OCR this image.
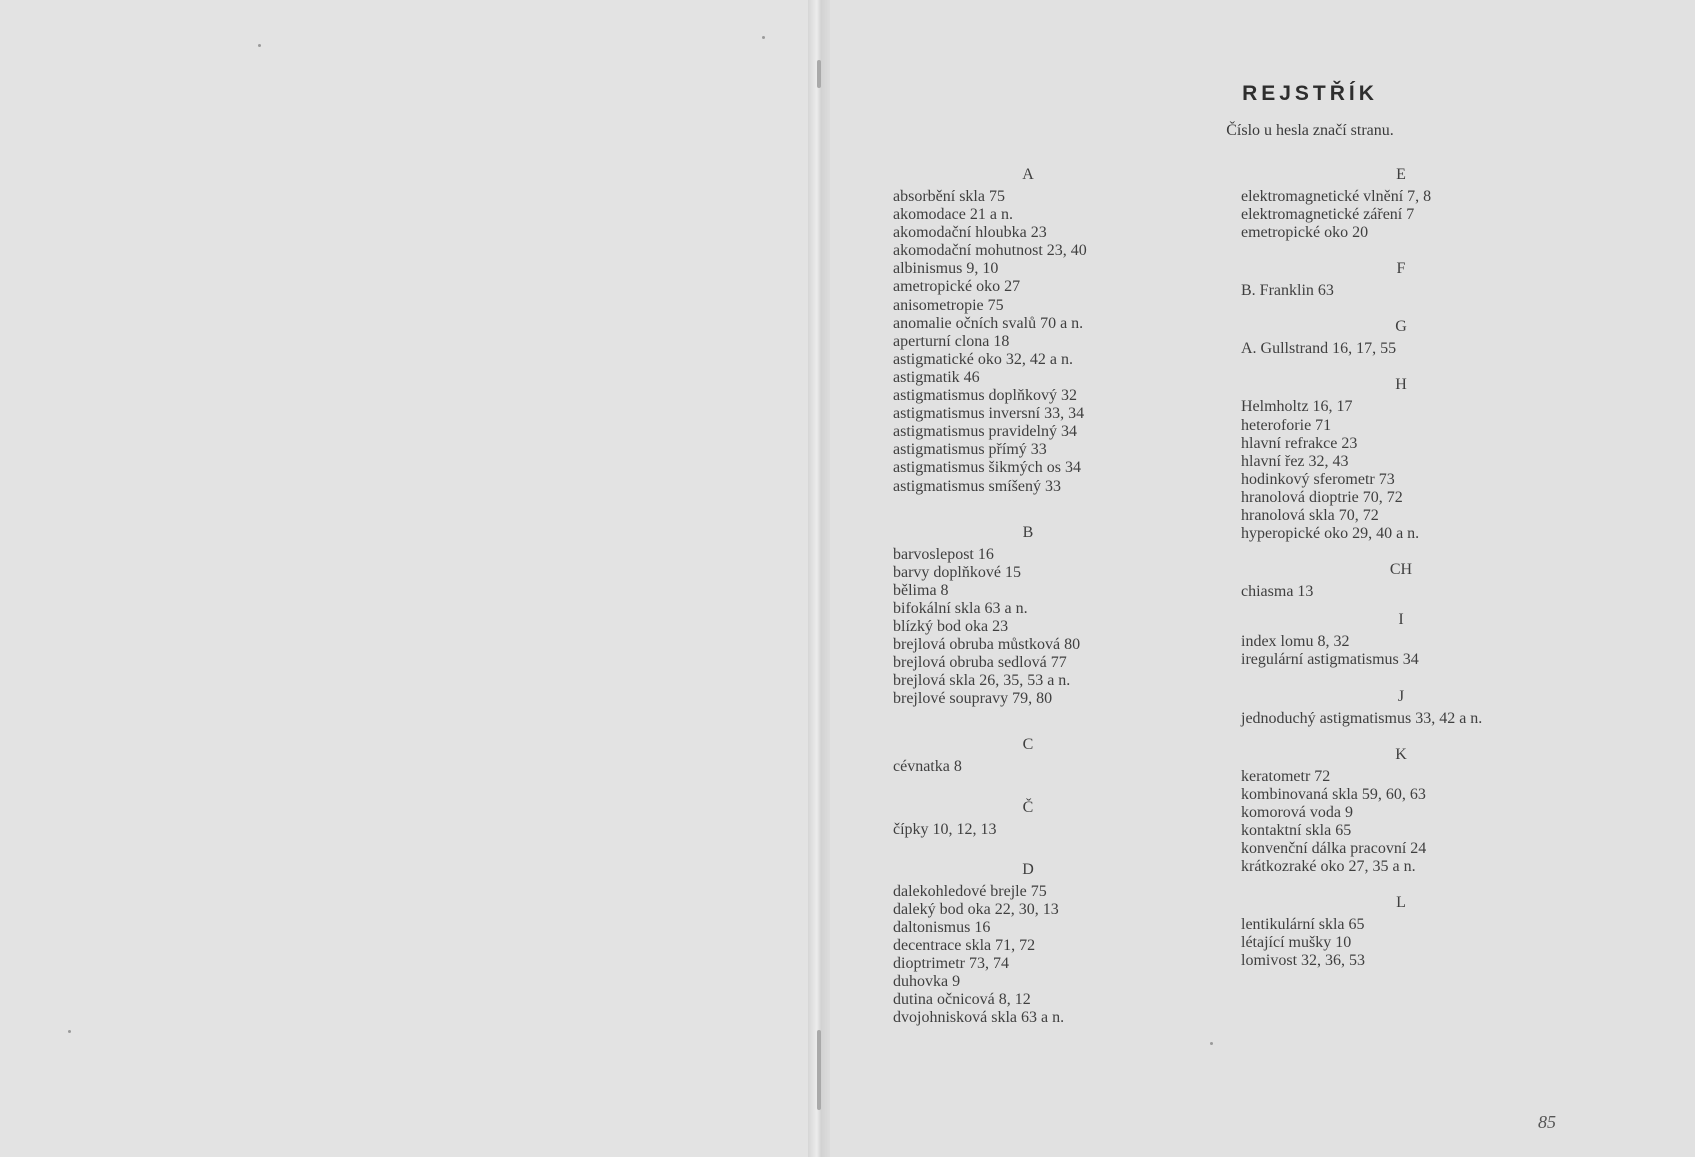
REJSTŘÍK
Číslo u hesla značí stranu.
A
absorbění skla 75
akomodace 21 a n.
akomodační hloubka 23
akomodační mohutnost 23, 40
albinismus 9, 10
ametropické oko 27
anisometropie 75
anomalie očních svalů 70 a n.
aperturní clona 18
astigmatické oko 32, 42 a n.
astigmatik 46
astigmatismus doplňkový 32
astigmatismus inversní 33, 34
astigmatismus pravidelný 34
astigmatismus přímý 33
astigmatismus šikmých os 34
astigmatismus smíšený 33
B
barvoslepost 16
barvy doplňkové 15
bělima 8
bifokální skla 63 a n.
blízký bod oka 23
brejlová obruba můstková 80
brejlová obruba sedlová 77
brejlová skla 26, 35, 53 a n.
brejlové soupravy 79, 80
C
cévnatka 8
Č
čípky 10, 12, 13
D
dalekohledové brejle 75
daleký bod oka 22, 30, 13
daltonismus 16
decentrace skla 71, 72
dioptrimetr 73, 74
duhovka 9
dutina očnicová 8, 12
dvojohnisková skla 63 a n.
E
elektromagnetické vlnění 7, 8
elektromagnetické záření 7
emetropické oko 20
F
B. Franklin 63
G
A. Gullstrand 16, 17, 55
H
Helmholtz 16, 17
heteroforie 71
hlavní refrakce 23
hlavní řez 32, 43
hodinkový sferometr 73
hranolová dioptrie 70, 72
hranolová skla 70, 72
hyperopické oko 29, 40 a n.
CH
chiasma 13
I
index lomu 8, 32
iregulární astigmatismus 34
J
jednoduchý astigmatismus 33, 42 a n.
K
keratometr 72
kombinovaná skla 59, 60, 63
komorová voda 9
kontaktní skla 65
konvenční dálka pracovní 24
krátkozraké oko 27, 35 a n.
L
lentikulární skla 65
létající mušky 10
lomivost 32, 36, 53
85
